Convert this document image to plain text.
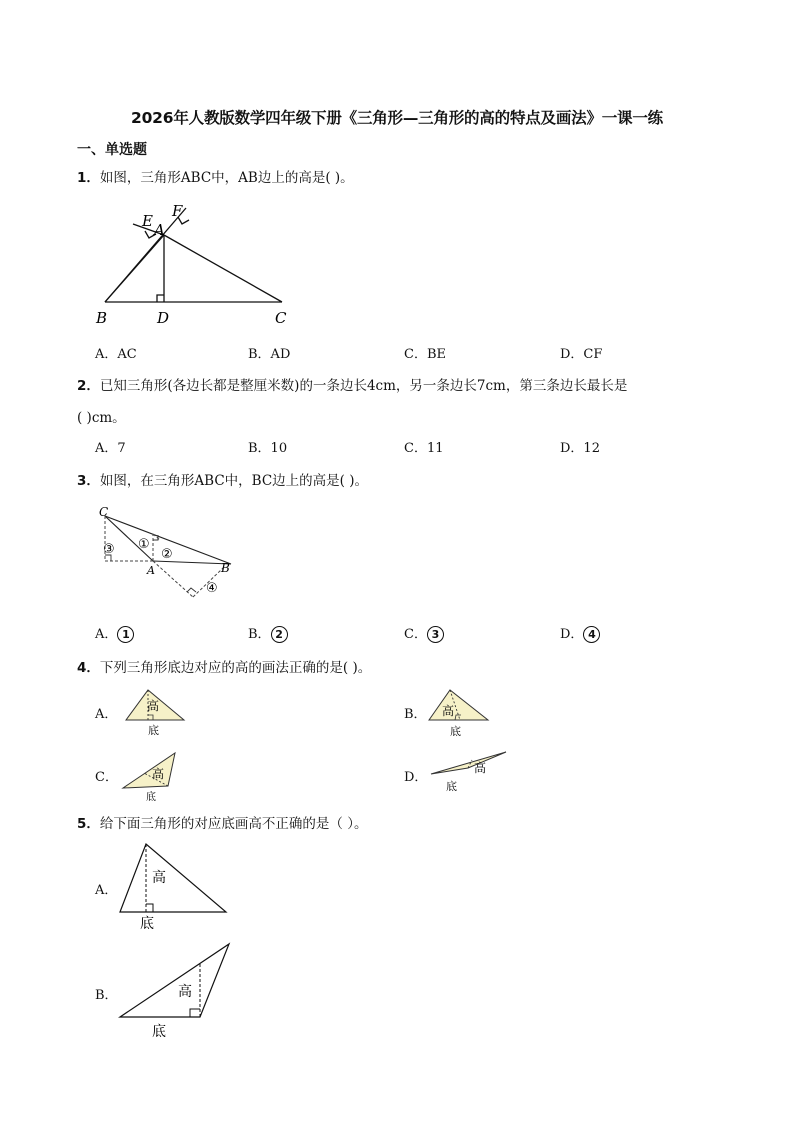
2026年人教版数学四年级下册《三角形—三角形的高的特点及画法》一课一练
一、单选题
1．如图，三角形ABC中，AB边上的高是( )。
E
F
A
B	D	C
A．AC	B．AD	C．BE	D．CF
2．已知三角形(各边长都是整厘米数)的一条边长4cm，另一条边长7cm，第三条边长最长是
( )cm。
A．7	B．10	C．11	D．12
3．如图，在三角形ABC中，BC边上的高是( )。
C
A	B
①
②
③
④
A． 1	B． 2	C． 3	D． 4
4．下列三角形底边对应的高的画法正确的是( )。
A．
高
底
B． 高
底
C．	高
底
D．
高
底
5．给下面三角形的对应底画高不正确的是（ ）。
A．
高
底
B．	高
底
